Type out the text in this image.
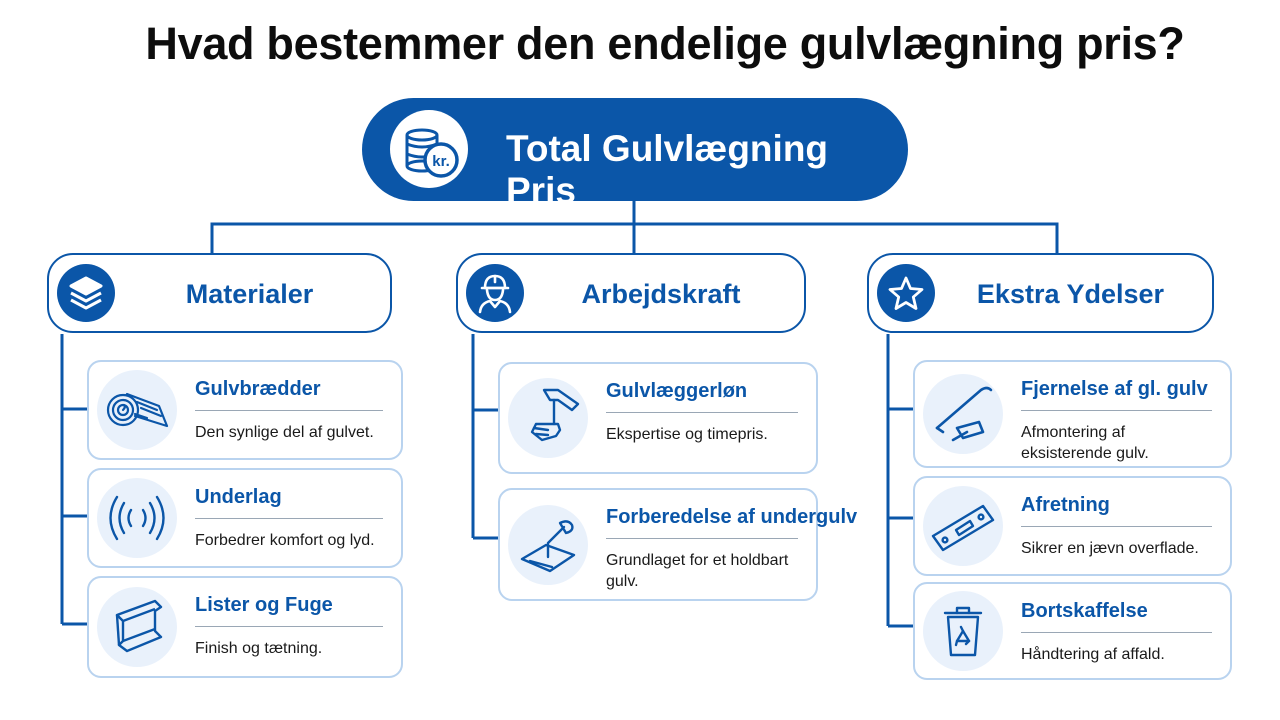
Hvad bestemmer den endelige gulvlægning pris?
kr. Total Gulvlægning Pris
Materialer	Arbejdskraft	Ekstra Ydelser
Gulvbrædder
Den synlige del af gulvet.
Underlag
Forbedrer komfort og lyd.
Lister og Fuge
Finish og tætning.
Gulvlæggerløn
Ekspertise og timepris.
Forberedelse af undergulv
Grundlaget for et holdbart gulv.
Fjernelse af gl. gulv
Afmontering af eksisterende gulv.
Afretning
Sikrer en jævn overflade.
Bortskaffelse
Håndtering af affald.
